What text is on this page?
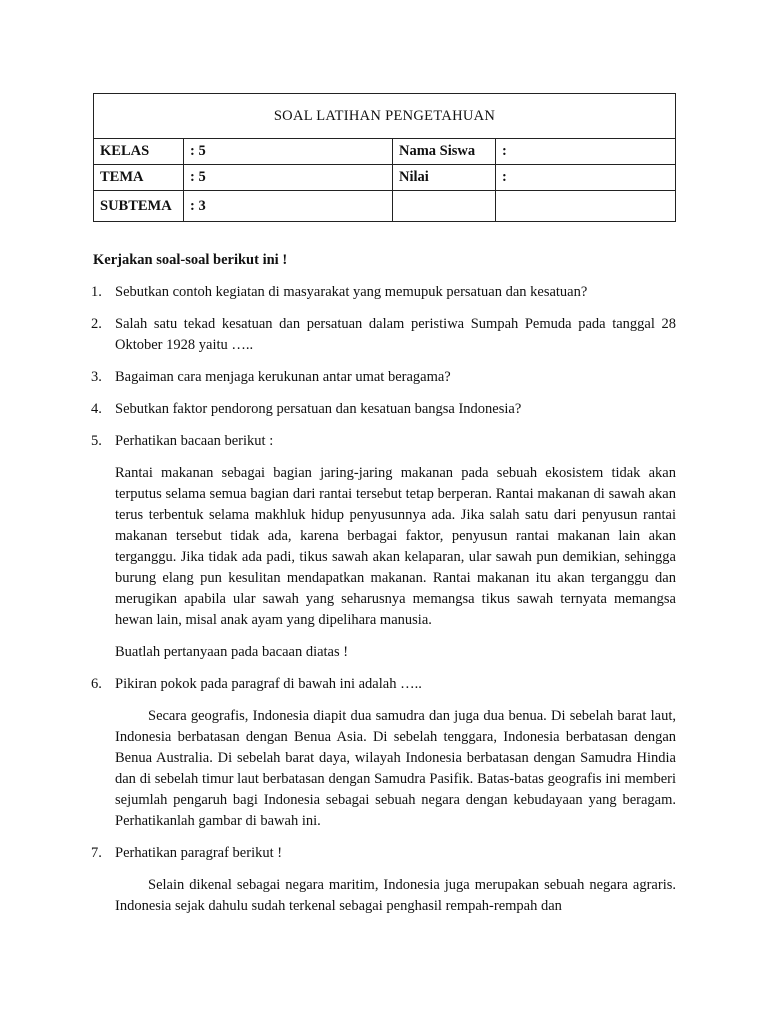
SOAL LATIHAN PENGETAHUAN			
KELAS	: 5	Nama Siswa	:
TEMA	: 5	Nilai	:
SUBTEMA	: 3		

Kerjakan soal-soal berikut ini !

1. Sebutkan contoh kegiatan di masyarakat yang memupuk persatuan dan kesatuan?
2. Salah satu tekad kesatuan dan persatuan dalam peristiwa Sumpah Pemuda pada tanggal 28 Oktober 1928 yaitu …..
3. Bagaiman cara menjaga kerukunan antar umat beragama?
4. Sebutkan faktor pendorong persatuan dan kesatuan bangsa Indonesia?
5. Perhatikan bacaan berikut :

Rantai makanan sebagai bagian jaring-jaring makanan pada sebuah ekosistem tidak akan terputus selama semua bagian dari rantai tersebut tetap berperan. Rantai makanan di sawah akan terus terbentuk selama makhluk hidup penyusunnya ada. Jika salah satu dari penyusun rantai makanan tersebut tidak ada, karena berbagai faktor, penyusun rantai makanan lain akan terganggu. Jika tidak ada padi, tikus sawah akan kelaparan, ular sawah pun demikian, sehingga burung elang pun kesulitan mendapatkan makanan. Rantai makanan itu akan terganggu dan merugikan apabila ular sawah yang seharusnya memangsa tikus sawah ternyata memangsa hewan lain, misal anak ayam yang dipelihara manusia.

Buatlah pertanyaan pada bacaan diatas !

6. Pikiran pokok pada paragraf di bawah ini adalah …..

Secara geografis, Indonesia diapit dua samudra dan juga dua benua. Di sebelah barat laut, Indonesia berbatasan dengan Benua Asia. Di sebelah tenggara, Indonesia berbatasan dengan Benua Australia. Di sebelah barat daya, wilayah Indonesia berbatasan dengan Samudra Hindia dan di sebelah timur laut berbatasan dengan Samudra Pasifik. Batas-batas geografis ini memberi sejumlah pengaruh bagi Indonesia sebagai sebuah negara dengan kebudayaan yang beragam. Perhatikanlah gambar di bawah ini.

7. Perhatikan paragraf berikut !

Selain dikenal sebagai negara maritim, Indonesia juga merupakan sebuah negara agraris. Indonesia sejak dahulu sudah terkenal sebagai penghasil rempah-rempah dan
